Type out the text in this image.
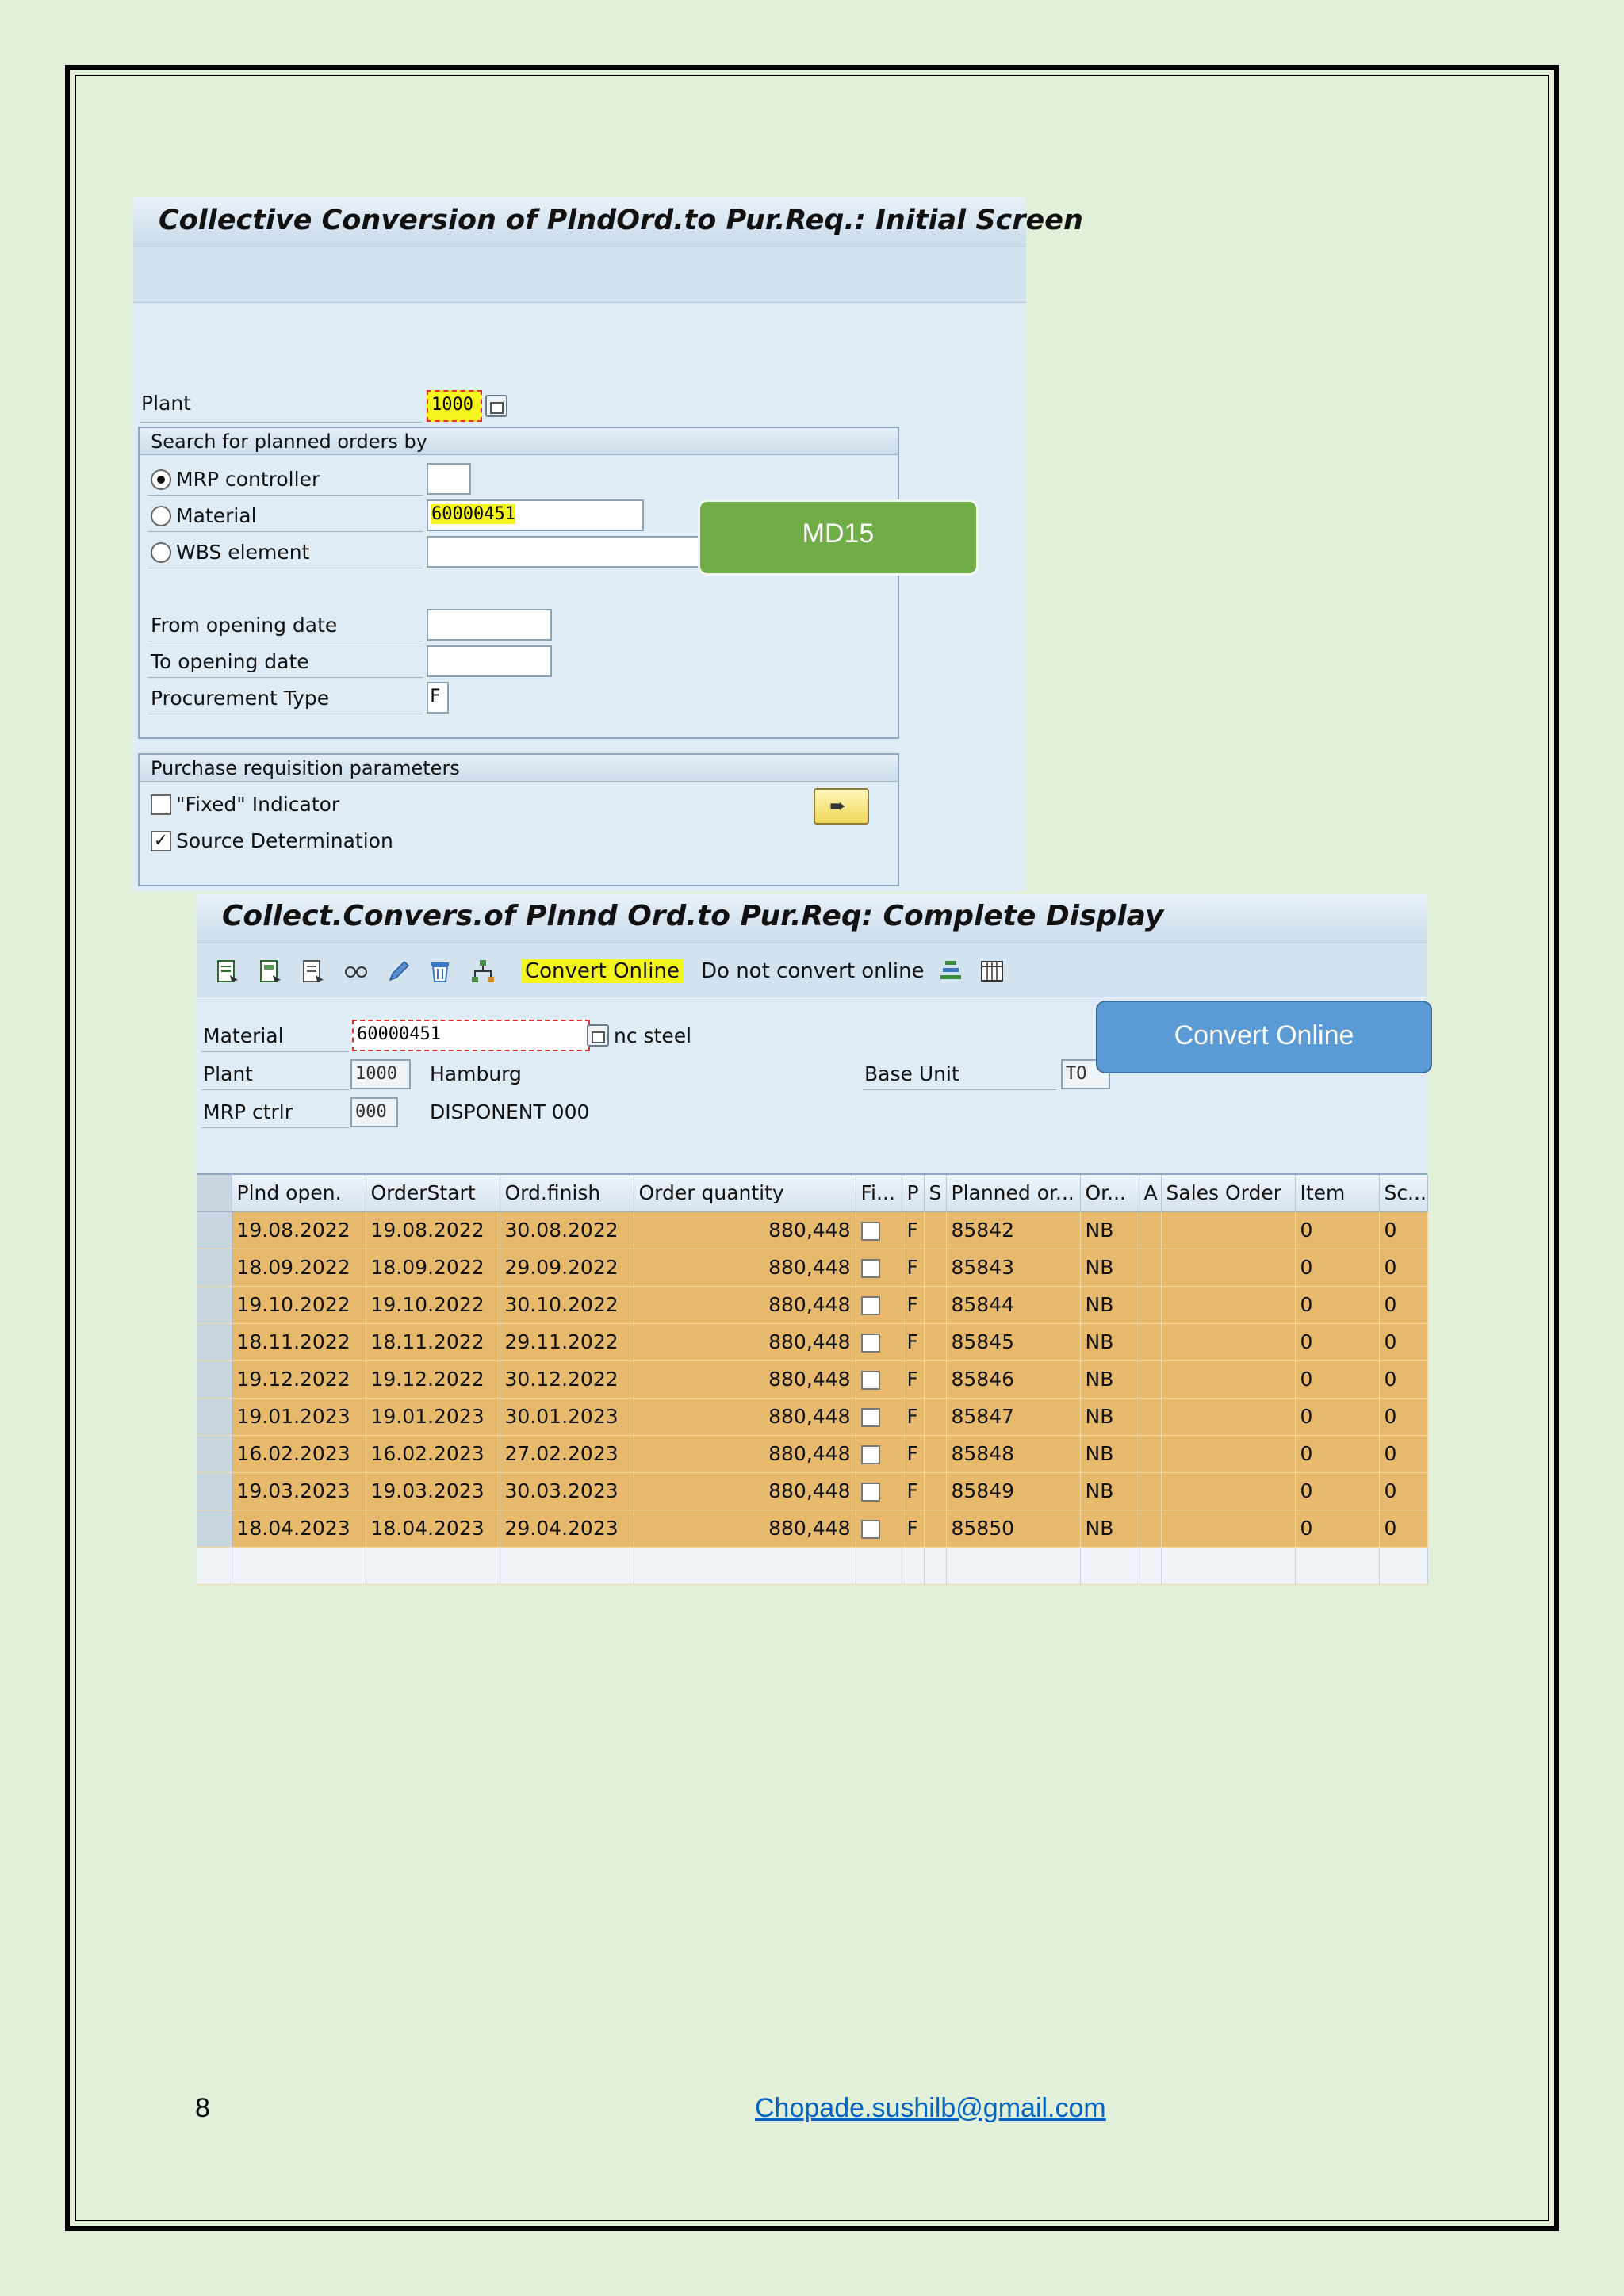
Collective Conversion of PlndOrd.to Pur.Req.: Initial Screen
Plant	1000
Search for planned orders by
MRP controller
Material	60000451
WBS element
From opening date
To opening date
Procurement Type	F
Purchase requisition parameters
"Fixed" Indicator
✓ Source Determination
➨
MD15
Collect.Convers.of Plnnd Ord.to Pur.Req: Complete Display
Convert Online Do not convert online
Material	60000451	nc steel
Plant	1000	Hamburg	Base Unit	TO
MRP ctrlr	000	DISPONENT 000
	Plnd open.	OrderStart	Ord.finish	Order quantity	Fi...	P	S	Planned or...	Or...	A	Sales Order	Item	Sc...
	19.08.2022	19.08.2022	30.08.2022	880,448		F		85842	NB			0	0
	18.09.2022	18.09.2022	29.09.2022	880,448		F		85843	NB			0	0
	19.10.2022	19.10.2022	30.10.2022	880,448		F		85844	NB			0	0
	18.11.2022	18.11.2022	29.11.2022	880,448		F		85845	NB			0	0
	19.12.2022	19.12.2022	30.12.2022	880,448		F		85846	NB			0	0
	19.01.2023	19.01.2023	30.01.2023	880,448		F		85847	NB			0	0
	16.02.2023	16.02.2023	27.02.2023	880,448		F		85848	NB			0	0
	19.03.2023	19.03.2023	30.03.2023	880,448		F		85849	NB			0	0
	18.04.2023	18.04.2023	29.04.2023	880,448		F		85850	NB			0	0

Convert Online
8	Chopade.sushilb@gmail.com
